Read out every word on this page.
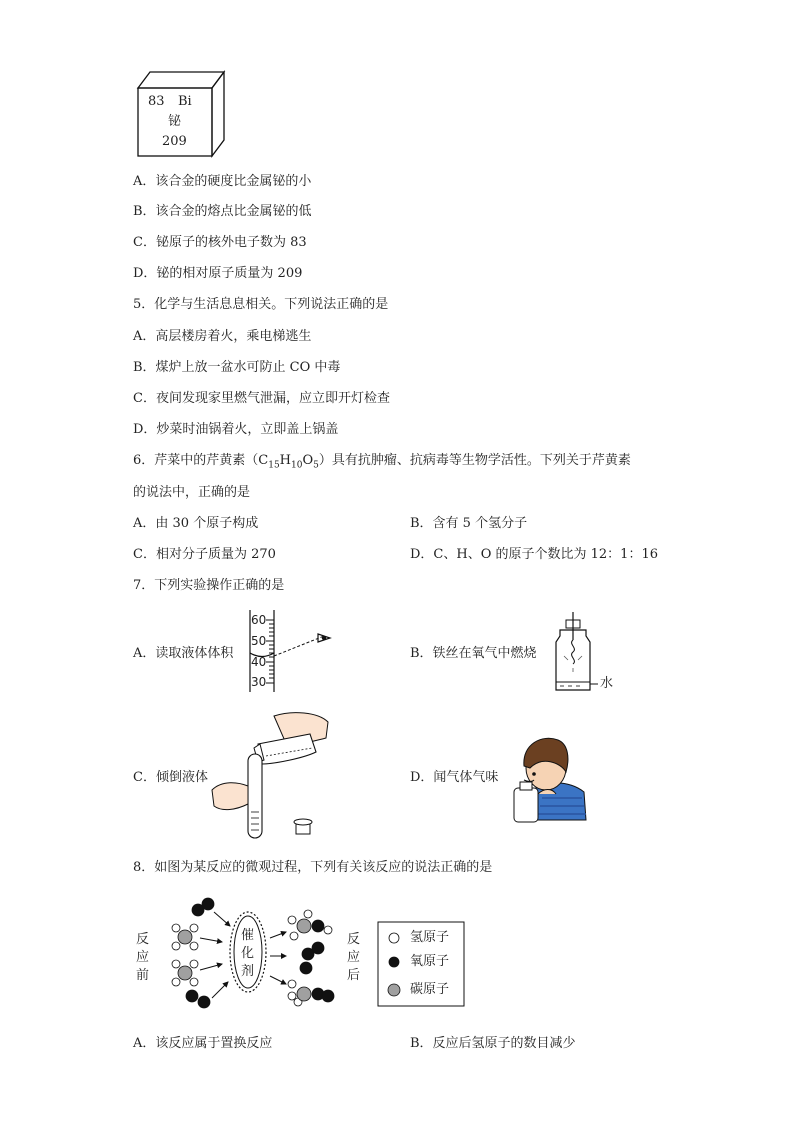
83 Bi
铋
209
A．该合金的硬度比金属铋的小
B．该合金的熔点比金属铋的低
C．铋原子的核外电子数为 83
D．铋的相对原子质量为 209
5．化学与生活息息相关。下列说法正确的是
A．高层楼房着火，乘电梯逃生
B．煤炉上放一盆水可防止 CO 中毒
C．夜间发现家里燃气泄漏，应立即开灯检查
D．炒菜时油锅着火，立即盖上锅盖
6．芹菜中的芹黄素$(C_{15}H_{10}O_5)$具有抗肿瘤、抗病毒等生物学活性。下列关于芹黄素
的说法中，正确的是
A．由 30 个原子构成	B．含有 5 个氢分子
C．相对分子质量为 270	D．C、H、O 的原子个数比为 12：1：16
7．下列实验操作正确的是
A．读取液体体积	B．铁丝在氧气中燃烧
C．倾倒液体	D．闻气体气味
60
50
40
30	水
8．如图为某反应的微观过程，下列有关该反应的说法正确的是
反
应
前
催
化
剂
反
应
后
氢原子
氧原子
碳原子
A．该反应属于置换反应	B．反应后氢原子的数目减少
